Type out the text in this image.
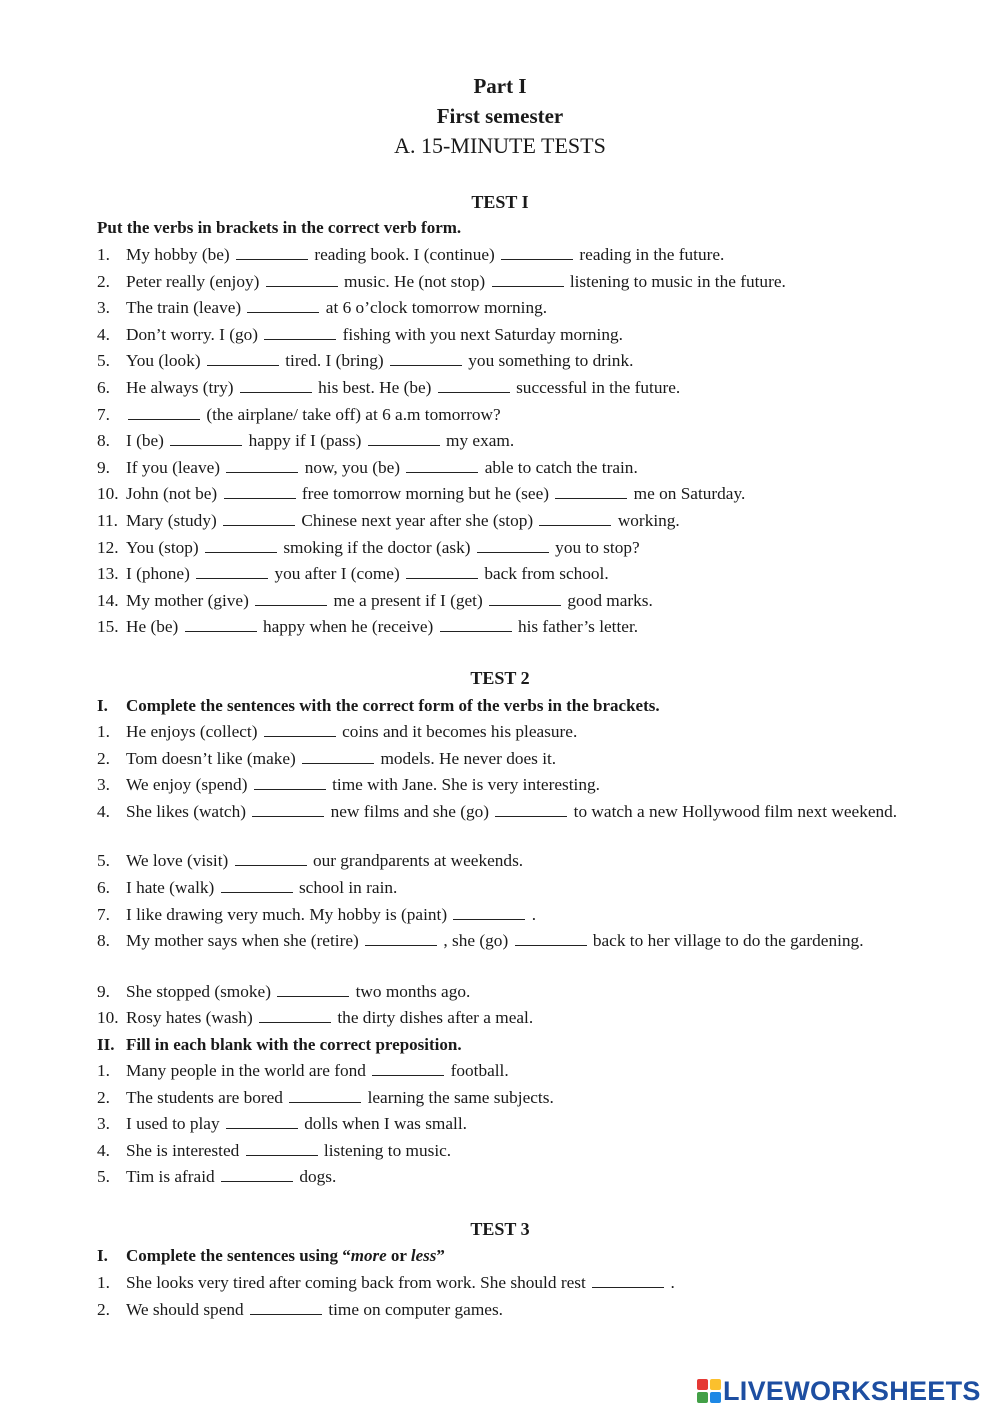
Part I
First semester
A. 15-MINUTE TESTS
TEST I
Put the verbs in brackets in the correct verb form.
1. My hobby (be)	reading book. I (continue)	reading in the future.
2. Peter really (enjoy)	music. He (not stop)	listening to music in the future.
3. The train (leave)	at 6 o’clock tomorrow morning.
4. Don’t worry. I (go)	fishing with you next Saturday morning.
5. You (look)	tired. I (bring)	you something to drink.
6. He always (try)	his best. He (be)	successful in the future.
7.	(the airplane/ take off) at 6 a.m tomorrow?
8. I (be)	happy if I (pass)	my exam.
9. If you (leave)	now, you (be)	able to catch the train.
10. John (not be)	free tomorrow morning but he (see)	me on Saturday.
11. Mary (study)	Chinese next year after she (stop)	working.
12. You (stop)	smoking if the doctor (ask)	you to stop?
13. I (phone)	you after I (come)	back from school.
14. My mother (give)	me a present if I (get)	good marks.
15. He (be)	happy when he (receive)	his father’s letter.
TEST 2
I. Complete the sentences with the correct form of the verbs in the brackets.
1. He enjoys (collect)	coins and it becomes his pleasure.
2. Tom doesn’t like (make)	models. He never does it.
3. We enjoy (spend)	time with Jane. She is very interesting.
4. She likes (watch)	new films and she (go)	to watch a new Hollywood film next weekend.
5. We love (visit)	our grandparents at weekends.
6. I hate (walk)	school in rain.
7. I like drawing very much. My hobby is (paint)	.
8. My mother says when she (retire)	, she (go)	back to her village to do the gardening.
9. She stopped (smoke)	two months ago.
10. Rosy hates (wash)	the dirty dishes after a meal.
II. Fill in each blank with the correct preposition.
1. Many people in the world are fond	football.
2. The students are bored	learning the same subjects.
3. I used to play	dolls when I was small.
4. She is interested	listening to music.
5. Tim is afraid	dogs.
TEST 3
I. Complete the sentences using “more or less”
1. She looks very tired after coming back from work. She should rest	.
2. We should spend	time on computer games.
LIVEWORKSHEETS
